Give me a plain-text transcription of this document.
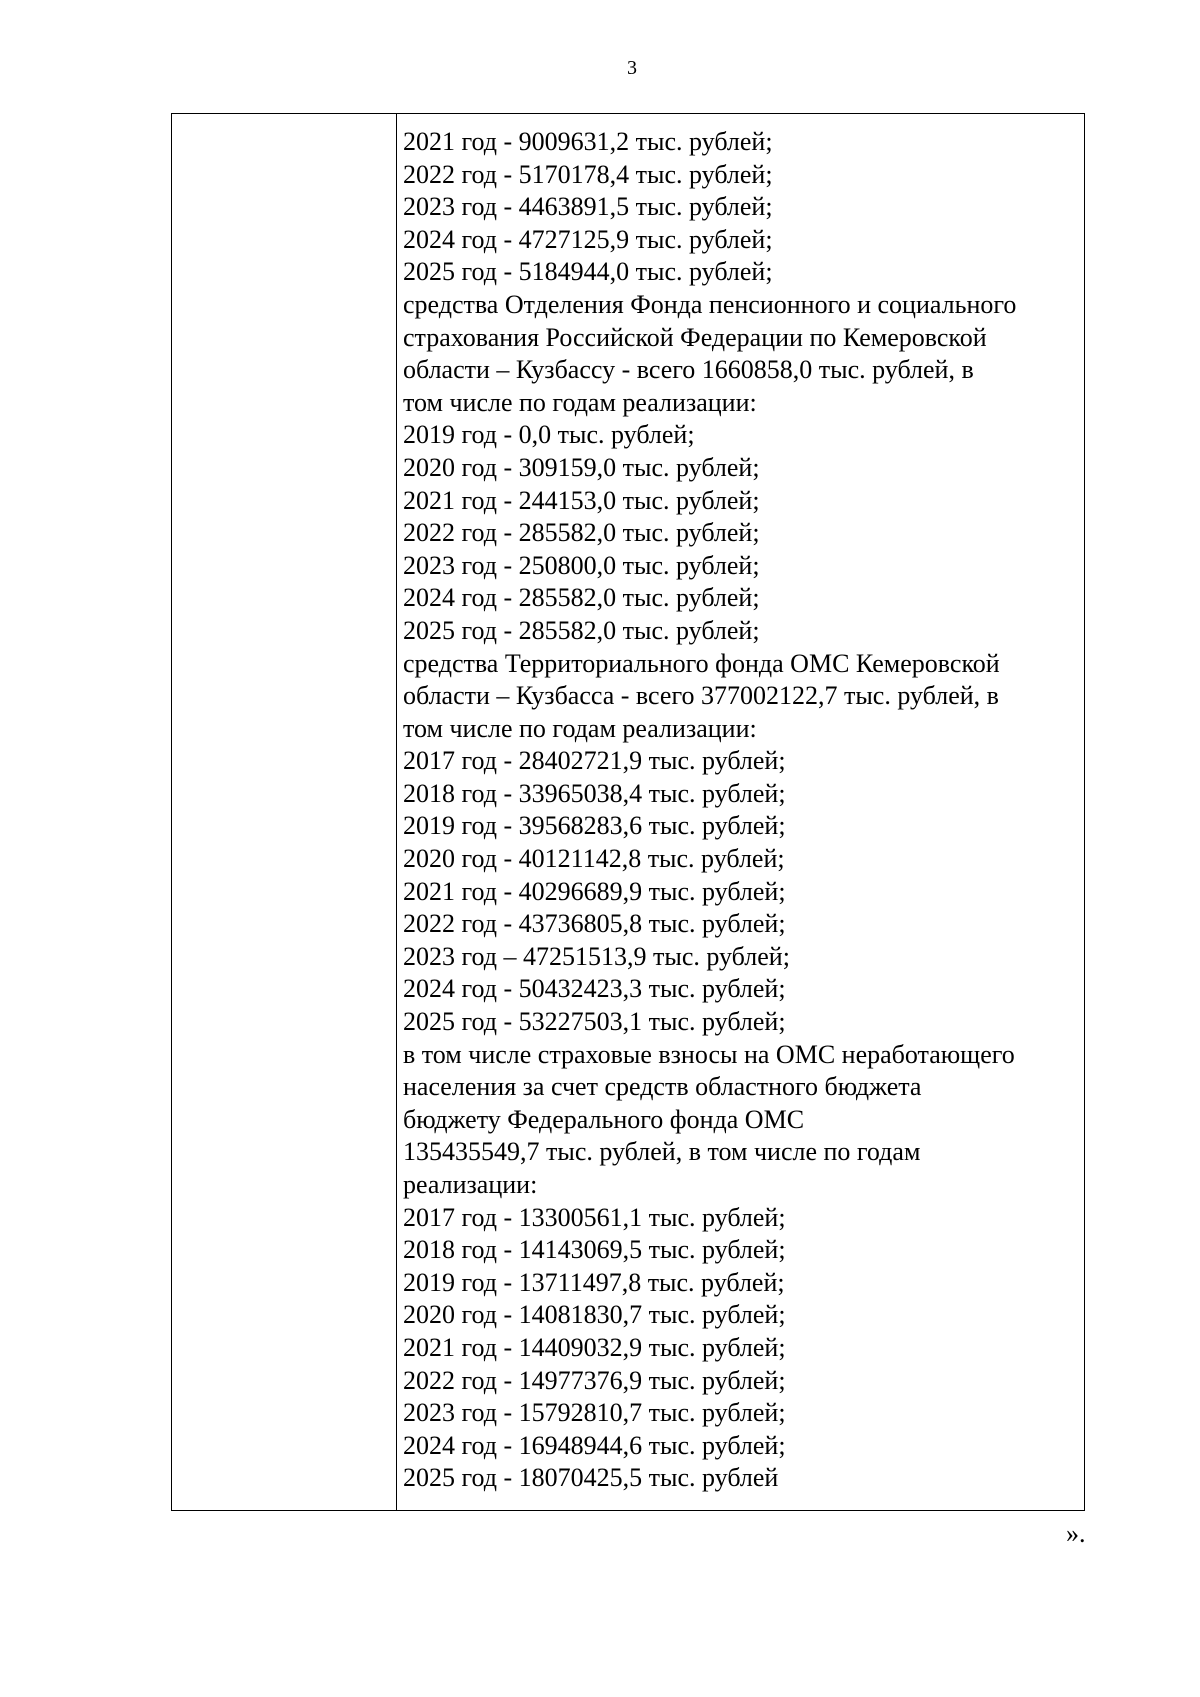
3

2021 год - 9009631,2 тыс. рублей;
2022 год - 5170178,4 тыс. рублей;
2023 год - 4463891,5 тыс. рублей;
2024 год - 4727125,9 тыс. рублей;
2025 год - 5184944,0 тыс. рублей;
средства Отделения Фонда пенсионного и социального
страхования Российской Федерации по Кемеровской
области – Кузбассу - всего 1660858,0 тыс. рублей, в
том числе по годам реализации:
2019 год - 0,0 тыс. рублей;
2020 год - 309159,0 тыс. рублей;
2021 год - 244153,0 тыс. рублей;
2022 год - 285582,0 тыс. рублей;
2023 год - 250800,0 тыс. рублей;
2024 год - 285582,0 тыс. рублей;
2025 год - 285582,0 тыс. рублей;
средства Территориального фонда ОМС Кемеровской
области – Кузбасса - всего 377002122,7 тыс. рублей, в
том числе по годам реализации:
2017 год - 28402721,9 тыс. рублей;
2018 год - 33965038,4 тыс. рублей;
2019 год - 39568283,6 тыс. рублей;
2020 год - 40121142,8 тыс. рублей;
2021 год - 40296689,9 тыс. рублей;
2022 год - 43736805,8 тыс. рублей;
2023 год – 47251513,9 тыс. рублей;
2024 год - 50432423,3 тыс. рублей;
2025 год - 53227503,1 тыс. рублей;
в том числе страховые взносы на ОМС неработающего
населения за счет средств областного бюджета
бюджету Федерального фонда ОМС
135435549,7 тыс. рублей, в том числе по годам
реализации:
2017 год - 13300561,1 тыс. рублей;
2018 год - 14143069,5 тыс. рублей;
2019 год - 13711497,8 тыс. рублей;
2020 год - 14081830,7 тыс. рублей;
2021 год - 14409032,9 тыс. рублей;
2022 год - 14977376,9 тыс. рублей;
2023 год - 15792810,7 тыс. рублей;
2024 год - 16948944,6 тыс. рублей;
2025 год - 18070425,5 тыс. рублей
».
